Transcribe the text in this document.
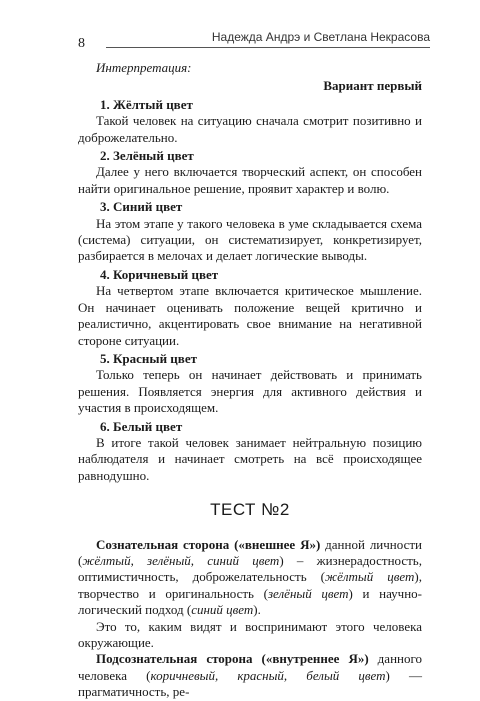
8	Надежда Андрэ и Светлана Некрасова

Интерпретация:

Вариант первый

1. Жёлтый цвет

Такой человек на ситуацию сначала смотрит позитивно и доброжелательно.

2. Зелёный цвет

Далее у него включается творческий аспект, он способен найти оригинальное решение, проявит характер и волю.

3. Синий цвет

На этом этапе у такого человека в уме складывается схема (система) ситуации, он систематизирует, конкретизирует, разбирается в мелочах и делает логические выводы.

4. Коричневый цвет

На четвертом этапе включается критическое мышление. Он начинает оценивать положение вещей критично и реалистично, акцентировать свое внимание на негативной стороне ситуации.

5. Красный цвет

Только теперь он начинает действовать и принимать решения. Появляется энергия для активного действия и участия в происходящем.

6. Белый цвет

В итоге такой человек занимает нейтральную позицию наблюдателя и начинает смотреть на всё происходящее равнодушно.

ТЕСТ №2

Сознательная сторона («внешнее Я») данной личности (жёлтый, зелёный, синий цвет) – жизнерадостность, оптимистичность, доброжелательность (жёлтый цвет), творчество и оригинальность (зелёный цвет) и научно-логический подход (синий цвет).

Это то, каким видят и воспринимают этого человека окружающие.

Подсознательная сторона («внутреннее Я») данного человека (коричневый, красный, белый цвет) — прагматичность, ре-
